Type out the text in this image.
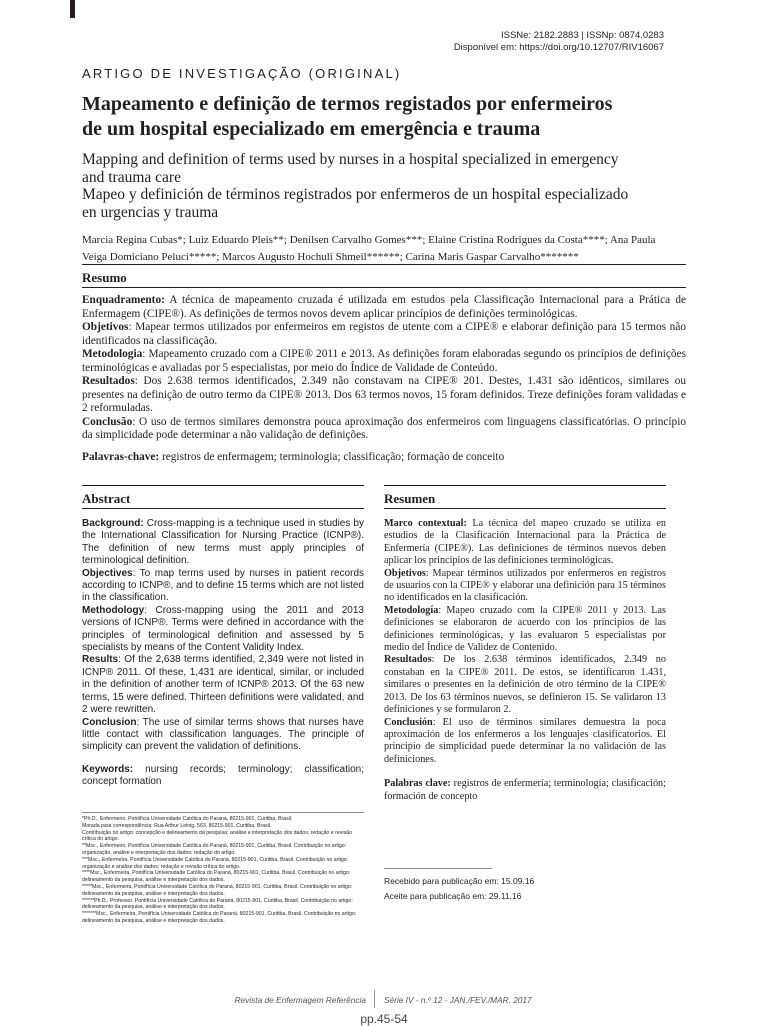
ISSNe: 2182.2883 | ISSNp: 0874.0283
Disponível em: https://doi.org/10.12707/RIV16067
ARTIGO DE INVESTIGAÇÃO (ORIGINAL)
Mapeamento e definição de termos registados por enfermeiros
de um hospital especializado em emergência e trauma
Mapping and definition of terms used by nurses in a hospital specialized in emergency
and trauma care
Mapeo y definición de términos registrados por enfermeros de un hospital especializado
en urgencias y trauma
Marcia Regina Cubas*; Luiz Eduardo Pleis**; Denilsen Carvalho Gomes***; Elaine Cristina Rodrigues da Costa****; Ana Paula
Veiga Domiciano Peluci*****; Marcos Augusto Hochuli Shmeil******; Carina Maris Gaspar Carvalho*******
Resumo

Enquadramento: A técnica de mapeamento cruzada é utilizada em estudos pela Classificação Internacional para a Prática de Enfermagem (CIPE®). As definições de termos novos devem aplicar princípios de definições terminológicas.

Objetivos: Mapear termos utilizados por enfermeiros em registos de utente com a CIPE® e elaborar definição para 15 termos não identificados na classificação.

Metodologia: Mapeamento cruzado com a CIPE® 2011 e 2013. As definições foram elaboradas segundo os princípios de definições terminológicas e avaliadas por 5 especialistas, por meio do Índice de Validade de Conteúdo.

Resultados: Dos 2.638 termos identificados, 2.349 não constavam na CIPE® 201. Destes, 1.431 são idênticos, similares ou presentes na definição de outro termo da CIPE® 2013. Dos 63 termos novos, 15 foram definidos. Treze definições foram validadas e 2 reformuladas.

Conclusão: O uso de termos similares demonstra pouca aproximação dos enfermeiros com linguagens classificatórias. O princípio da simplicidade pode determinar a não validação de definições.

Palavras-chave: registros de enfermagem; terminologia; classificação; formação de conceito

Abstract

Background: Cross-mapping is a technique used in studies by the International Classification for Nursing Practice (ICNP®). The definition of new terms must apply principles of terminological definition.

Objectives: To map terms used by nurses in patient records according to ICNP®, and to define 15 terms which are not listed in the classification.

Methodology: Cross-mapping using the 2011 and 2013 versions of ICNP®. Terms were defined in accordance with the principles of terminological definition and assessed by 5 specialists by means of the Content Validity Index.

Results: Of the 2,638 terms identified, 2,349 were not listed in ICNP® 2011. Of these, 1,431 are identical, similar, or included in the definition of another term of ICNP® 2013. Of the 63 new terms, 15 were defined. Thirteen definitions were validated, and 2 were rewritten.

Conclusion: The use of similar terms shows that nurses have little contact with classification languages. The principle of simplicity can prevent the validation of definitions.

Keywords: nursing records; terminology; classification; concept formation

*Ph.D., Enfermeiro, Pontifícia Universidade Católica do Paraná, 80215-901, Curitiba, Brasil.
Morada para correspondência: Rua Arthur Leinig, 563, 80215-901, Curitiba, Brasil.
Contribuição no artigo: concepção e delineamento da pesquisa; análise e interpretação dos dados; redação e revisão crítica do artigo.
**Msc., Enfermeiro, Pontifícia Universidade Católica do Paraná, 80215-901, Curitiba, Brasil. Contribuição no artigo: organização, análise e interpretação dos dados; redação do artigo.
***Msc., Enfermeira, Pontifícia Universidade Católica do Paraná, 80215-901, Curitiba, Brasil. Contribuição no artigo: organização e análise dos dados; redação e revisão crítica do artigo.
****Msc., Enfermeira, Pontifícia Universidade Católica do Paraná, 80215-901, Curitiba, Brasil. Contribuição no artigo: delineamento da pesquisa, análise e interpretação dos dados.
*****Msc., Enfermeira, Pontifícia Universidade Católica do Paraná, 80215-901, Curitiba, Brasil. Contribuição no artigo: delineamento da pesquisa, análise e interpretação dos dados.
******Ph.D., Professor, Pontifícia Universidade Católica do Paraná, 80215-901, Curitiba, Brasil. Contribuição no artigo: delineamento da pesquisa, análise e interpretação dos dados.
*******Msc., Enfermeira, Pontifícia Universidade Católica do Paraná, 80215-901, Curitiba, Brasil. Contribuição no artigo: delineamento da pesquisa, análise e interpretação dos dados.
Resumen

Marco contextual: La técnica del mapeo cruzado se utiliza en estudios de la Clasificación Internacional para la Práctica de Enfermería (CIPE®). Las definiciones de términos nuevos deben aplicar los principios de las definiciones terminológicas.

Objetivos: Mapear términos utilizados por enfermeros en registros de usuarios con la CIPE® y elaborar una definición para 15 términos no identificados en la clasificación.

Metodología: Mapeo cruzado com la CIPE® 2011 y 2013. Las definiciones se elaboraron de acuerdo con los principios de las definiciones terminológicas, y las evaluaron 5 especialistas por medio del Índice de Validez de Contenido.

Resultados: De los 2.638 términos identificados, 2.349 no constaban en la CIPE® 2011. De estos, se identificaron 1.431, similares o presentes en la definición de otro término de la CIPE® 2013. De los 63 términos nuevos, se definieron 15. Se validaron 13 definiciones y se formularon 2.

Conclusión: El uso de términos similares demuestra la poca aproximación de los enfermeros a los lenguajes clasificatorios. El principio de simplicidad puede determinar la no validación de las definiciones.

Palabras clave: registros de enfermería; terminología; clasificación; formación de concepto

Recebido para publicação em: 15.09.16
Aceite para publicação em: 29.11.16
Revista de Enfermagem Referência Série IV - n.º 12 - JAN./FEV./MAR. 2017
pp.45-54
